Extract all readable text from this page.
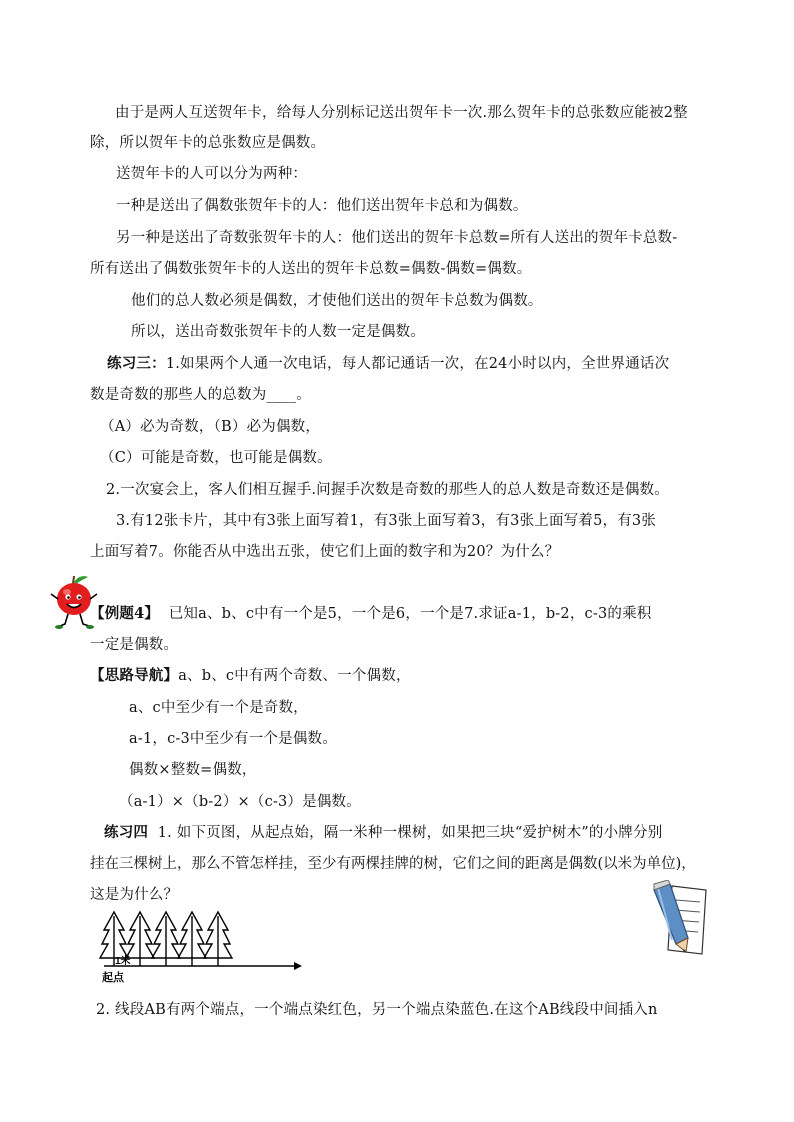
由于是两人互送贺年卡，给每人分别标记送出贺年卡一次.那么贺年卡的总张数应能被2整
除，所以贺年卡的总张数应是偶数。
送贺年卡的人可以分为两种：
一种是送出了偶数张贺年卡的人：他们送出贺年卡总和为偶数。
另一种是送出了奇数张贺年卡的人：他们送出的贺年卡总数=所有人送出的贺年卡总数-
所有送出了偶数张贺年卡的人送出的贺年卡总数=偶数-偶数=偶数。
他们的总人数必须是偶数，才使他们送出的贺年卡总数为偶数。
所以，送出奇数张贺年卡的人数一定是偶数。
练习三：1.如果两个人通一次电话，每人都记通话一次，在24小时以内，全世界通话次
数是奇数的那些人的总数为____。
（A）必为奇数，（B）必为偶数，
（C）可能是奇数，也可能是偶数。
2.一次宴会上，客人们相互握手.问握手次数是奇数的那些人的总人数是奇数还是偶数。
3.有12张卡片，其中有3张上面写着1，有3张上面写着3，有3张上面写着5，有3张
上面写着7。你能否从中选出五张，使它们上面的数字和为20？为什么？
【例题4】 已知a、b、c中有一个是5，一个是6，一个是7.求证a-1，b-2，c-3的乘积
一定是偶数。
【思路导航】a、b、c中有两个奇数、一个偶数，
a、c中至少有一个是奇数，
a-1，c-3中至少有一个是偶数。
偶数×整数=偶数，
（a-1）×（b-2）×（c-3）是偶数。
练习四 1. 如下页图，从起点始，隔一米种一棵树，如果把三块“爱护树木”的小牌分别
挂在三棵树上，那么不管怎样挂，至少有两棵挂牌的树，它们之间的距离是偶数(以米为单位)，
这是为什么？
1米
起点
2. 线段AB有两个端点，一个端点染红色，另一个端点染蓝色.在这个AB线段中间插入n
